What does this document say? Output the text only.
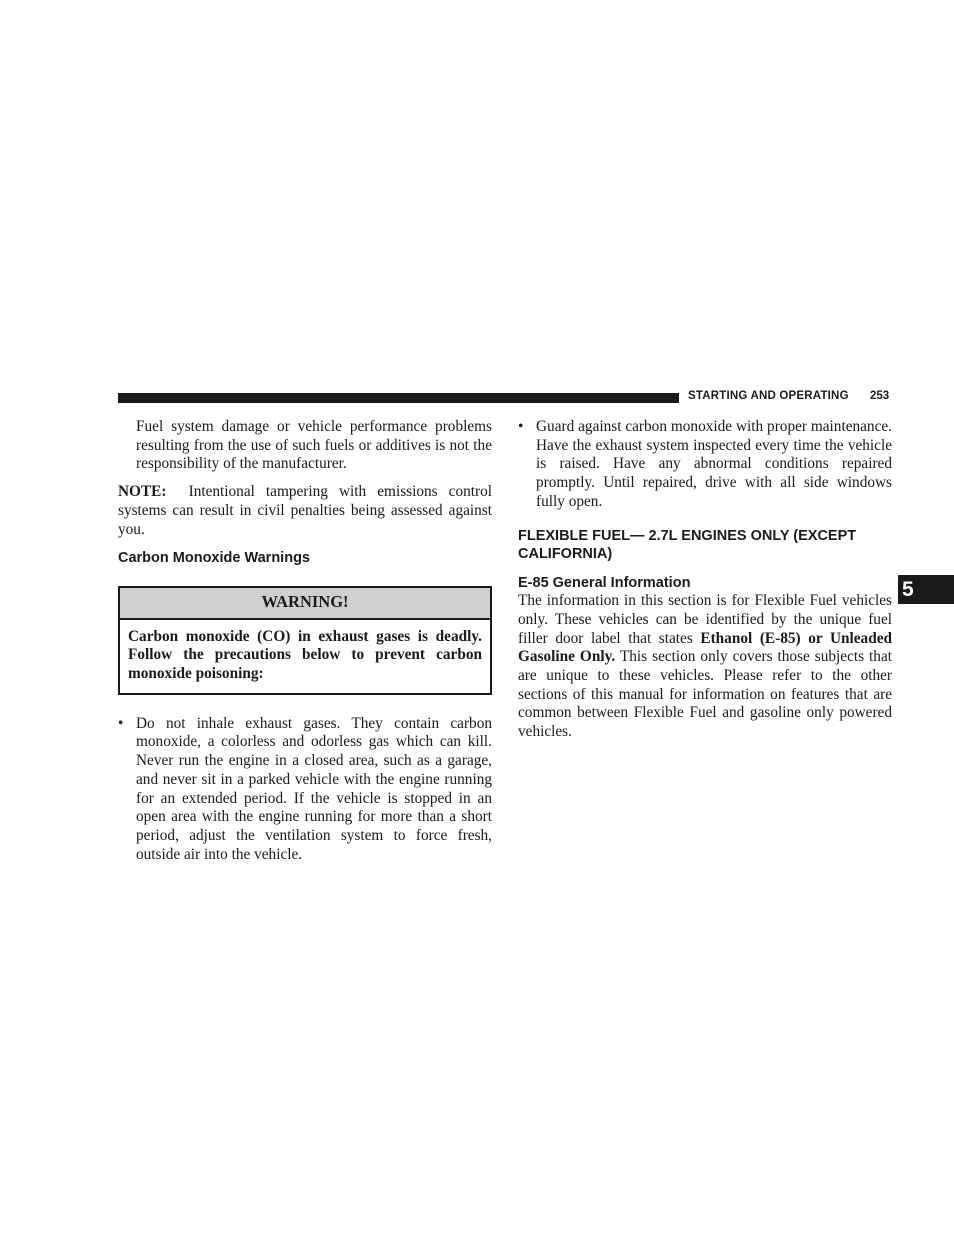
STARTING AND OPERATING 253

Fuel system damage or vehicle performance problems resulting from the use of such fuels or additives is not the responsibility of the manufacturer.

NOTE: Intentional tampering with emissions control systems can result in civil penalties being assessed against you.

Carbon Monoxide Warnings
WARNING!
Carbon monoxide (CO) in exhaust gases is deadly. Follow the precautions below to prevent carbon monoxide poisoning:
• Do not inhale exhaust gases. They contain carbon monoxide, a colorless and odorless gas which can kill. Never run the engine in a closed area, such as a garage, and never sit in a parked vehicle with the engine running for an extended period. If the vehicle is stopped in an open area with the engine running for more than a short period, adjust the ventilation system to force fresh, outside air into the vehicle.

• Guard against carbon monoxide with proper maintenance. Have the exhaust system inspected every time the vehicle is raised. Have any abnormal conditions repaired promptly. Until repaired, drive with all side windows fully open.

FLEXIBLE FUEL— 2.7L ENGINES ONLY (EXCEPT CALIFORNIA)
E-85 General Information

The information in this section is for Flexible Fuel vehicles only. These vehicles can be identified by the unique fuel filler door label that states Ethanol (E-85) or Unleaded Gasoline Only. This section only covers those subjects that are unique to these vehicles. Please refer to the other sections of this manual for information on features that are common between Flexible Fuel and gasoline only powered vehicles.

5
